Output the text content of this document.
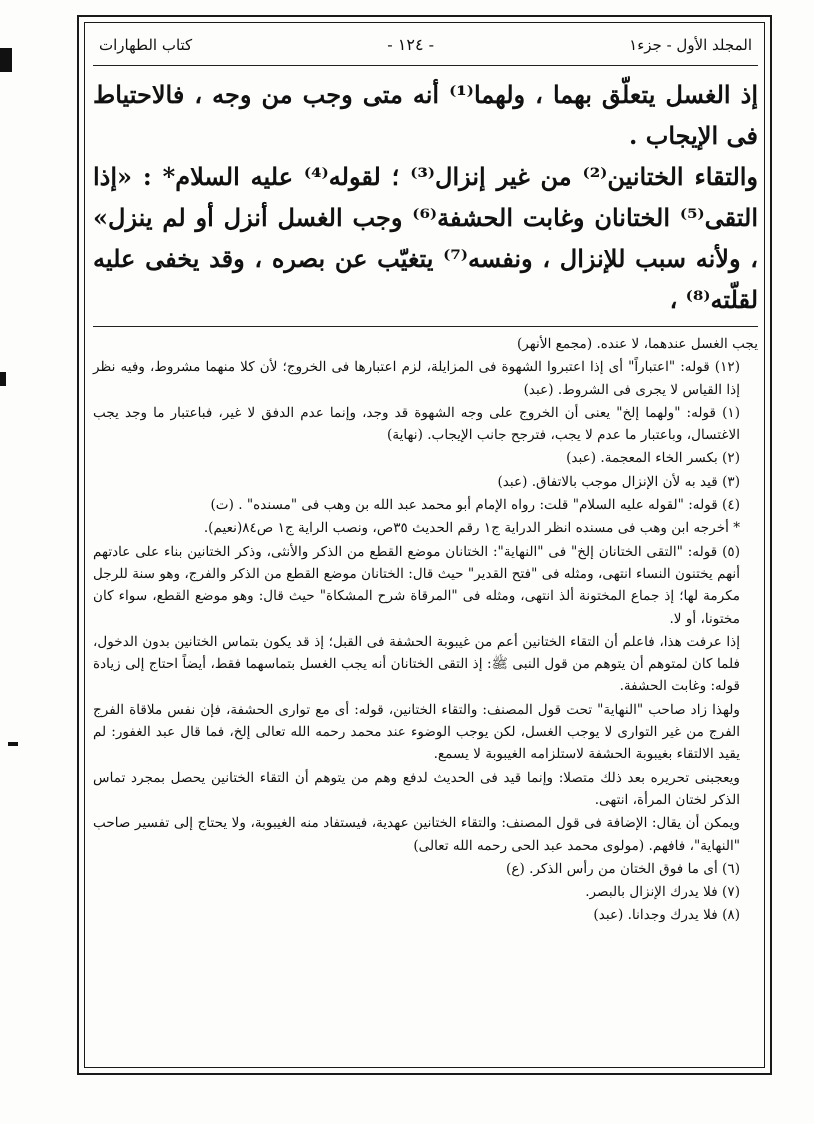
المجلد الأول - جزء١
- ١٢٤ -
كتاب الطهارات

إذ الغسل يتعلّق بهما ، ولهما⁽¹⁾ أنه متى وجب من وجه ، فالاحتياط فى الإيجاب .

والتقاء الختانين⁽²⁾ من غير إنزال⁽³⁾ ؛ لقوله⁽⁴⁾ عليه السلام* : «إذا التقى⁽⁵⁾ الختانان وغابت الحشفة⁽⁶⁾ وجب الغسل أنزل أو لم ينزل» ، ولأنه سبب للإنزال ، ونفسه⁽⁷⁾ يتغيّب عن بصره ، وقد يخفى عليه لقلّته⁽⁸⁾ ،

يجب الغسل عندهما، لا عنده. (مجمع الأنهر)

(١٢) قوله: "اعتباراً" أى إذا اعتبروا الشهوة فى المزايلة، لزم اعتبارها فى الخروج؛ لأن كلا منهما مشروط، وفيه نظر إذا القياس لا يجرى فى الشروط. (عبد)

(١) قوله: "ولهما إلخ" يعنى أن الخروج على وجه الشهوة قد وجد، وإنما عدم الدفق لا غير، فباعتبار ما وجد يجب الاغتسال، وباعتبار ما عدم لا يجب، فترجح جانب الإيجاب. (نهاية)

(٢) بكسر الخاء المعجمة. (عبد)

(٣) قيد به لأن الإنزال موجب بالاتفاق. (عبد)

(٤) قوله: "لقوله عليه السلام" قلت: رواه الإمام أبو محمد عبد الله بن وهب فى "مسنده" . (ت)

* أخرجه ابن وهب فى مسنده انظر الدراية ج١ رقم الحديث ٣٥ص، ونصب الراية ج١ ص٨٤(نعيم).

(٥) قوله: "التقى الختانان إلخ" فى "النهاية": الختانان موضع القطع من الذكر والأنثى، وذكر الختانين بناء على عادتهم أنهم يختنون النساء انتهى، ومثله فى "فتح القدير" حيث قال: الختانان موضع القطع من الذكر والفرج، وهو سنة للرجل مكرمة لها؛ إذ جماع المختونة ألذ انتهى، ومثله فى "المرقاة شرح المشكاة" حيث قال: وهو موضع القطع، سواء كان مختونا، أو لا.

إذا عرفت هذا، فاعلم أن التقاء الختانين أعم من غيبوبة الحشفة فى القبل؛ إذ قد يكون بتماس الختانين بدون الدخول، فلما كان لمتوهم أن يتوهم من قول النبى ﷺ: إذ التقى الختانان أنه يجب الغسل بتماسهما فقط، أيضاً احتاج إلى زيادة قوله: وغابت الحشفة.

ولهذا زاد صاحب "النهاية" تحت قول المصنف: والتقاء الختانين، قوله: أى مع توارى الحشفة، فإن نفس ملاقاة الفرج الفرج من غير التوارى لا يوجب الغسل، لكن يوجب الوضوء عند محمد رحمه الله تعالى إلخ، فما قال عبد الغفور: لم يقيد الالتقاء بغيبوبة الحشفة لاستلزامه الغيبوبة لا يسمع.

ويعجبنى تحريره بعد ذلك متصلا: وإنما قيد فى الحديث لدفع وهم من يتوهم أن التقاء الختانين يحصل بمجرد تماس الذكر لختان المرأة، انتهى.

ويمكن أن يقال: الإضافة فى قول المصنف: والتقاء الختانين عهدية، فيستفاد منه الغيبوبة، ولا يحتاج إلى تفسير صاحب "النهاية"، فافهم. (مولوى محمد عبد الحى رحمه الله تعالى)

(٦) أى ما فوق الختان من رأس الذكر. (ع)

(٧) فلا يدرك الإنزال بالبصر.

(٨) فلا يدرك وجدانا. (عبد)
